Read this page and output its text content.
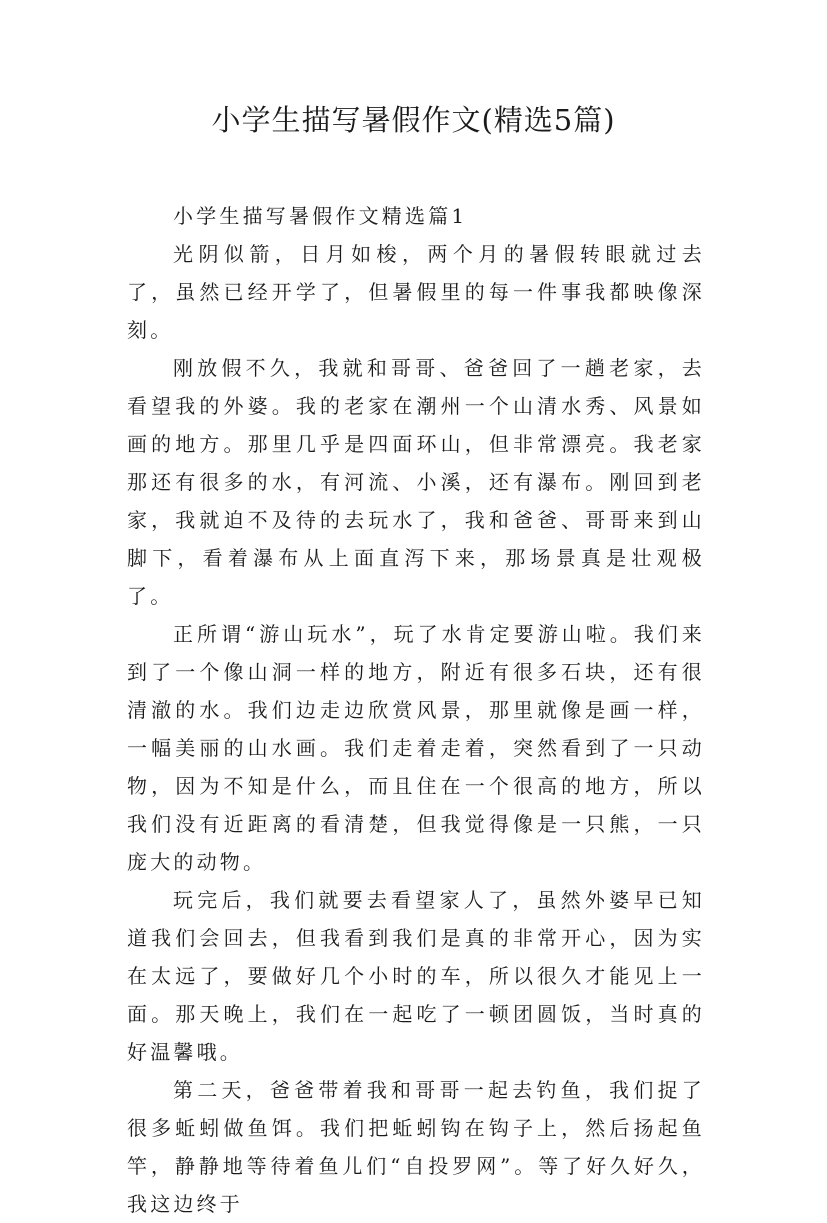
小学生描写暑假作文(精选5篇)

小学生描写暑假作文精选篇1

光阴似箭，日月如梭，两个月的暑假转眼就过去了，虽然已经开学了，但暑假里的每一件事我都映像深刻。

刚放假不久，我就和哥哥、爸爸回了一趟老家，去看望我的外婆。我的老家在潮州一个山清水秀、风景如画的地方。那里几乎是四面环山，但非常漂亮。我老家那还有很多的水，有河流、小溪，还有瀑布。刚回到老家，我就迫不及待的去玩水了，我和爸爸、哥哥来到山脚下，看着瀑布从上面直泻下来，那场景真是壮观极了。

正所谓“游山玩水”，玩了水肯定要游山啦。我们来到了一个像山洞一样的地方，附近有很多石块，还有很清澈的水。我们边走边欣赏风景，那里就像是画一样，一幅美丽的山水画。我们走着走着，突然看到了一只动物，因为不知是什么，而且住在一个很高的地方，所以我们没有近距离的看清楚，但我觉得像是一只熊，一只庞大的动物。

玩完后，我们就要去看望家人了，虽然外婆早已知道我们会回去，但我看到我们是真的非常开心，因为实在太远了，要做好几个小时的车，所以很久才能见上一面。那天晚上，我们在一起吃了一顿团圆饭，当时真的好温馨哦。

第二天，爸爸带着我和哥哥一起去钓鱼，我们捉了很多蚯蚓做鱼饵。我们把蚯蚓钩在钩子上，然后扬起鱼竿，静静地等待着鱼儿们“自投罗网”。等了好久好久，我这边终于
